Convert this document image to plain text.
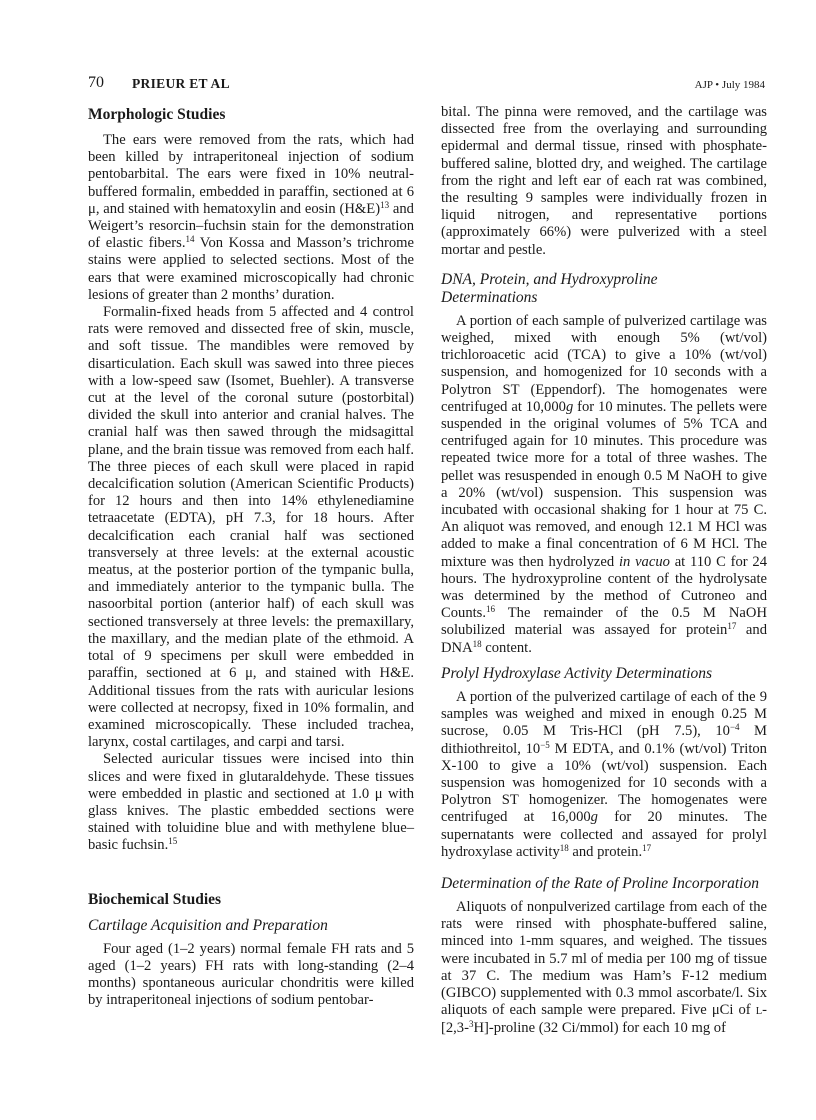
70 PRIEUR ET AL	AJP • July 1984
Morphologic Studies

The ears were removed from the rats, which had been killed by intraperitoneal injection of sodium pentobarbital. The ears were fixed in 10% neutral-buffered formalin, embedded in paraffin, sectioned at 6 μ, and stained with hematoxylin and eosin (H&E)$^{13}$ and Weigert’s resorcin–fuchsin stain for the demonstration of elastic fibers.$^{14}$ Von Kossa and Masson’s trichrome stains were applied to selected sections. Most of the ears that were examined microscopically had chronic lesions of greater than 2 months’ duration.

Formalin-fixed heads from 5 affected and 4 control rats were removed and dissected free of skin, muscle, and soft tissue. The mandibles were removed by disarticulation. Each skull was sawed into three pieces with a low-speed saw (Isomet, Buehler). A transverse cut at the level of the coronal suture (postorbital) divided the skull into anterior and cranial halves. The cranial half was then sawed through the midsagittal plane, and the brain tissue was removed from each half. The three pieces of each skull were placed in rapid decalcification solution (American Scientific Products) for 12 hours and then into 14% ethylenediamine tetraacetate (EDTA), pH 7.3, for 18 hours. After decalcification each cranial half was sectioned transversely at three levels: at the external acoustic meatus, at the posterior portion of the tympanic bulla, and immediately anterior to the tympanic bulla. The nasoorbital portion (anterior half) of each skull was sectioned transversely at three levels: the premaxillary, the maxillary, and the median plate of the ethmoid. A total of 9 specimens per skull were embedded in paraffin, sectioned at 6 μ, and stained with H&E. Additional tissues from the rats with auricular lesions were collected at necropsy, fixed in 10% formalin, and examined microscopically. These included trachea, larynx, costal cartilages, and carpi and tarsi.

Selected auricular tissues were incised into thin slices and were fixed in glutaraldehyde. These tissues were embedded in plastic and sectioned at 1.0 μ with glass knives. The plastic embedded sections were stained with toluidine blue and with methylene blue–basic fuchsin.$^{15}$

Biochemical Studies
Cartilage Acquisition and Preparation

Four aged (1–2 years) normal female FH rats and 5 aged (1–2 years) FH rats with long-standing (2–4 months) spontaneous auricular chondritis were killed by intraperitoneal injections of sodium pentobar-

bital. The pinna were removed, and the cartilage was dissected free from the overlaying and surrounding epidermal and dermal tissue, rinsed with phosphate-buffered saline, blotted dry, and weighed. The cartilage from the right and left ear of each rat was combined, the resulting 9 samples were individually frozen in liquid nitrogen, and representative portions (approximately 66%) were pulverized with a steel mortar and pestle.

DNA, Protein, and Hydroxyproline
Determinations

A portion of each sample of pulverized cartilage was weighed, mixed with enough 5% (wt/vol) trichloroacetic acid (TCA) to give a 10% (wt/vol) suspension, and homogenized for 10 seconds with a Polytron ST (Eppendorf). The homogenates were centrifuged at 10,000g for 10 minutes. The pellets were suspended in the original volumes of 5% TCA and centrifuged again for 10 minutes. This procedure was repeated twice more for a total of three washes. The pellet was resuspended in enough 0.5 M NaOH to give a 20% (wt/vol) suspension. This suspension was incubated with occasional shaking for 1 hour at 75 C. An aliquot was removed, and enough 12.1 M HCl was added to make a final concentration of 6 M HCl. The mixture was then hydrolyzed in vacuo at 110 C for 24 hours. The hydroxyproline content of the hydrolysate was determined by the method of Cutroneo and Counts.$^{16}$ The remainder of the 0.5 M NaOH solubilized material was assayed for protein$^{17}$ and DNA$^{18}$ content.

Prolyl Hydroxylase Activity Determinations

A portion of the pulverized cartilage of each of the 9 samples was weighed and mixed in enough 0.25 M sucrose, 0.05 M Tris-HCl (pH 7.5), $10^{-4}$ M dithiothreitol, $10^{-5}$ M EDTA, and 0.1% (wt/vol) Triton X-100 to give a 10% (wt/vol) suspension. Each suspension was homogenized for 10 seconds with a Polytron ST homogenizer. The homogenates were centrifuged at 16,000g for 20 minutes. The supernatants were collected and assayed for prolyl hydroxylase activity$^{18}$ and protein.$^{17}$

Determination of the Rate of Proline Incorporation

Aliquots of nonpulverized cartilage from each of the rats were rinsed with phosphate-buffered saline, minced into 1-mm squares, and weighed. The tissues were incubated in 5.7 ml of media per 100 mg of tissue at 37 C. The medium was Ham’s F-12 medium (GIBCO) supplemented with 0.3 mmol ascorbate/l. Six aliquots of each sample were prepared. Five μCi of L-[2,3-$^3$H]-proline (32 Ci/mmol) for each 10 mg of
